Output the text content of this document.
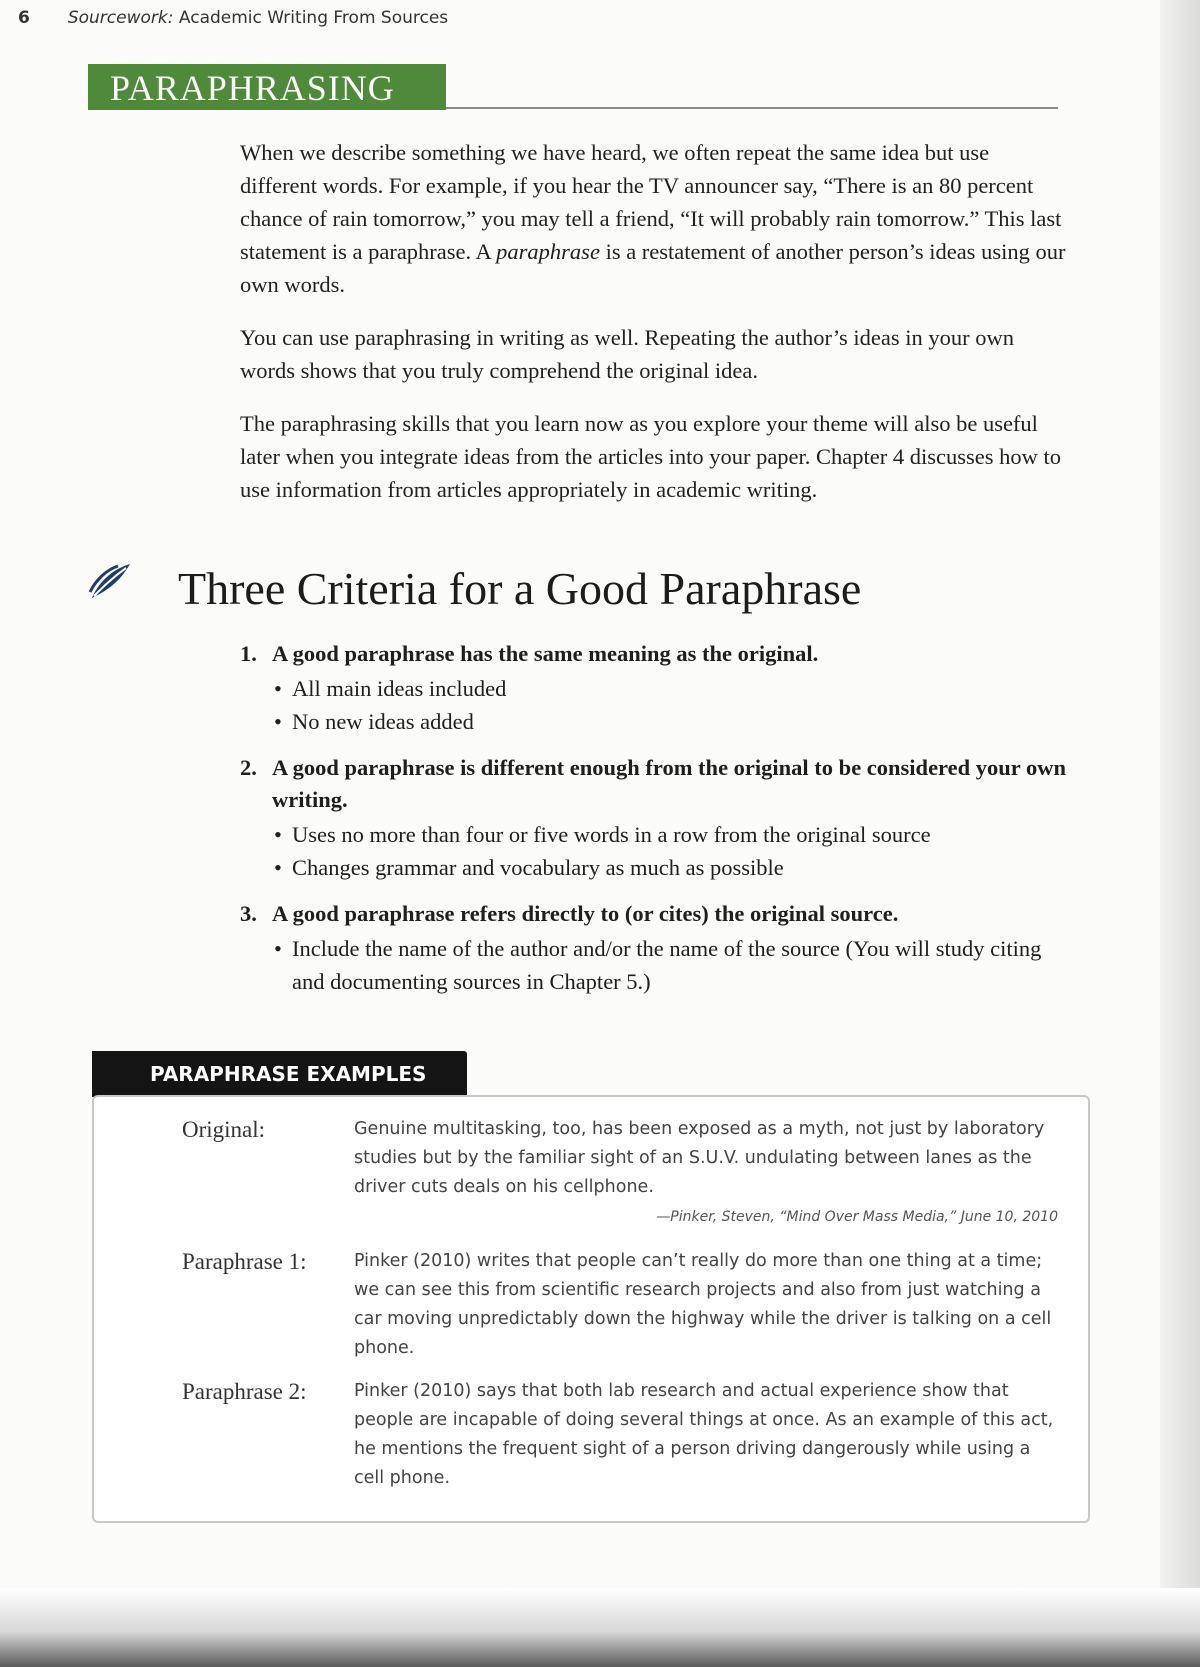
6 Sourcework: Academic Writing From Sources
PARAPHRASING

When we describe something we have heard, we often repeat the same idea but use different words. For example, if you hear the TV announcer say, “There is an 80 percent chance of rain tomorrow,” you may tell a friend, “It will probably rain tomorrow.” This last statement is a paraphrase. A paraphrase is a restatement of another person’s ideas using our own words.

You can use paraphrasing in writing as well. Repeating the author’s ideas in your own words shows that you truly comprehend the original idea.

The paraphrasing skills that you learn now as you explore your theme will also be useful later when you integrate ideas from the articles into your paper. Chapter 4 discusses how to use information from articles appropriately in academic writing.

Three Criteria for a Good Paraphrase
1. A good paraphrase has the same meaning as the original.
• All main ideas included
• No new ideas added
2. A good paraphrase is different enough from the original to be considered your own writing.
• Uses no more than four or five words in a row from the original source
• Changes grammar and vocabulary as much as possible
3. A good paraphrase refers directly to (or cites) the original source.
• Include the name of the author and/or the name of the source (You will study citing and documenting sources in Chapter 5.)
PARAPHRASE EXAMPLES
Original:	Genuine multitasking, too, has been exposed as a myth, not just by laboratory studies but by the familiar sight of an S.U.V. undulating between lanes as the driver cuts deals on his cellphone.
—Pinker, Steven, “Mind Over Mass Media,” June 10, 2010
Paraphrase 1:	Pinker (2010) writes that people can’t really do more than one thing at a time; we can see this from scientific research projects and also from just watching a car moving unpredictably down the highway while the driver is talking on a cell phone.
Paraphrase 2:	Pinker (2010) says that both lab research and actual experience show that people are incapable of doing several things at once. As an example of this act, he mentions the frequent sight of a person driving dangerously while using a cell phone.
